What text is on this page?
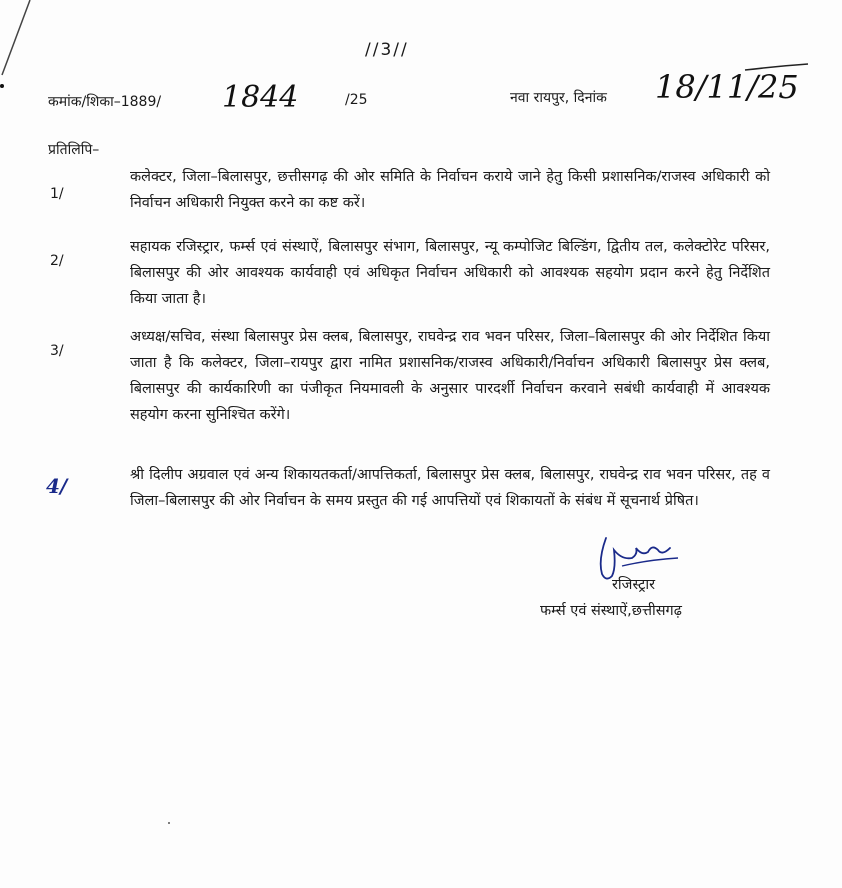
//3//
कमांक/शिका–1889/ 1844	/25	नवा रायपुर, दिनांक 18/11/25
प्रतिलिपि–
1/
कलेक्टर, जिला–बिलासपुर, छत्तीसगढ़ की ओर समिति के निर्वाचन कराये जाने हेतु किसी प्रशासनिक/राजस्व अधिकारी को निर्वाचन अधिकारी नियुक्त करने का कष्ट करें।
2/
सहायक रजिस्ट्रार, फर्म्स एवं संस्थाऐं, बिलासपुर संभाग, बिलासपुर, न्यू कम्पोजिट बिल्डिंग, द्वितीय तल, कलेक्टोरेट परिसर, बिलासपुर की ओर आवश्यक कार्यवाही एवं अधिकृत निर्वाचन अधिकारी को आवश्यक सहयोग प्रदान करने हेतु निर्देशित किया जाता है।
3/
अध्यक्ष/सचिव, संस्था बिलासपुर प्रेस क्लब, बिलासपुर, राघवेन्द्र राव भवन परिसर, जिला–बिलासपुर की ओर निर्देशित किया जाता है कि कलेक्टर, जिला–रायपुर द्वारा नामित प्रशासनिक/राजस्व अधिकारी/निर्वाचन अधिकारी बिलासपुर प्रेस क्लब, बिलासपुर की कार्यकारिणी का पंजीकृत नियमावली के अनुसार पारदर्शी निर्वाचन करवाने सबंधी कार्यवाही में आवश्यक सहयोग करना सुनिश्चित करेंगे।
4/	श्री दिलीप अग्रवाल एवं अन्य शिकायतकर्ता/आपत्तिकर्ता, बिलासपुर प्रेस क्लब, बिलासपुर, राघवेन्द्र राव भवन परिसर, तह व जिला–बिलासपुर की ओर निर्वाचन के समय प्रस्तुत की गई आपत्तियों एवं शिकायतों के संबंध में सूचनार्थ प्रेषित।
रजिस्ट्रार
फर्म्स एवं संस्थाऐं,छत्तीसगढ़
